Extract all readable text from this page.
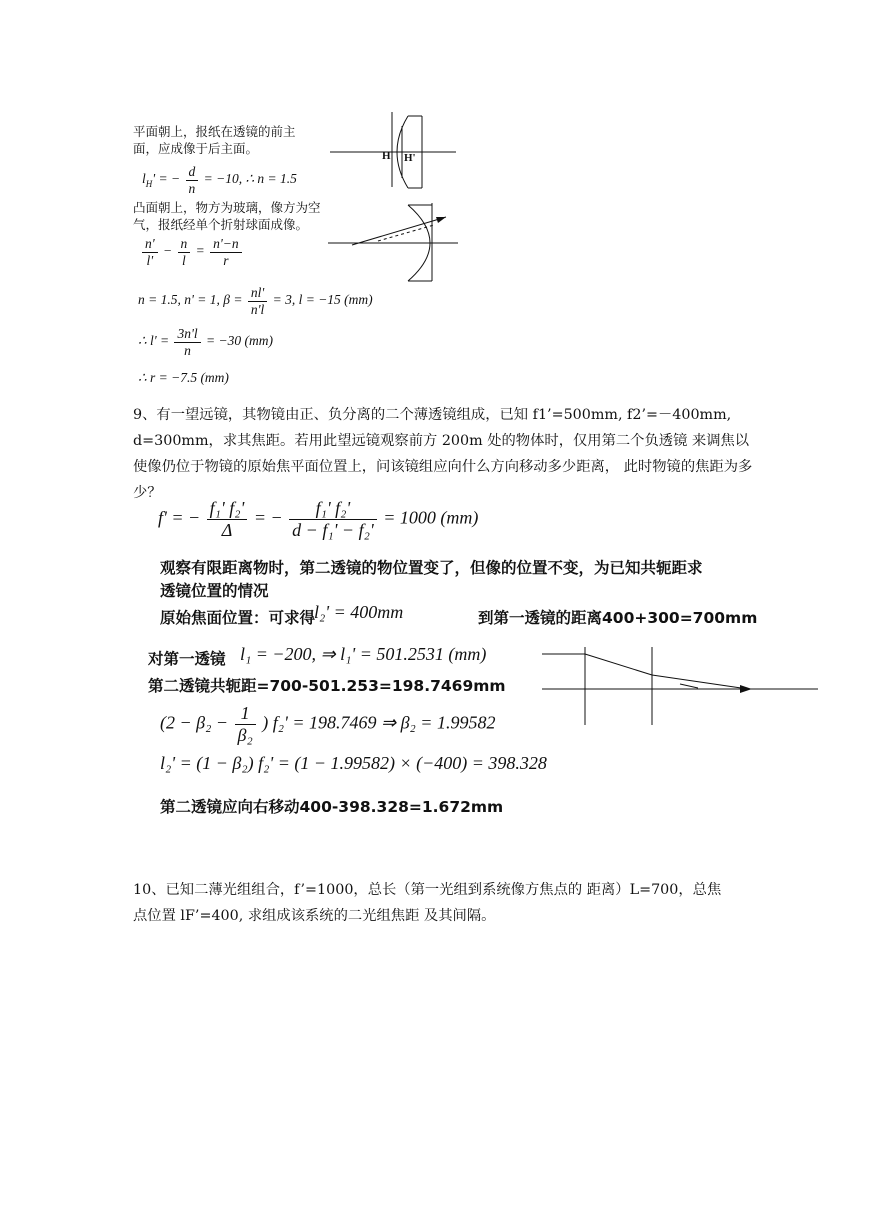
平面朝上，报纸在透镜的前主
面，应成像于后主面。
$l_H'$ = − $\frac{d}{n} = -10$, ∴ n = 1.5
凸面朝上，物方为玻璃，像方为空
气，报纸经单个折射球面成像。
$\frac{n'}{l'} - \frac{n}{l} = \frac{n'-n}{r}$
n = 1.5, n' = 1, $\beta = \frac{nl'}{n'l} = 3$, l = −15 (mm)
∴ $l' = \frac{3n'l}{n} = -30$ (mm)
∴ r = −7.5 (mm)
H H'
9、有一望远镜，其物镜由正、负分离的二个薄透镜组成，已知 f1’=500mm, f2’=－400mm, d=300mm，求其焦距。若用此望远镜观察前方 200m 处的物体时，仅用第二个负透镜 来调焦以使像仍位于物镜的原始焦平面位置上，问该镜组应向什么方向移动多少距离， 此时物镜的焦距为多少？
f' = − $\frac{\text{f₁' f₂'}}{\Delta}$ = − $\frac{\text{f₁' f₂'}}{\text{d − f₁' − f₂'}} = 1000$ (mm)
观察有限距离物时，第二透镜的物位置变了，但像的位置不变，为已知共轭距求
透镜位置的情况
原始焦面位置：可求得
l₂' = 400mm	到第一透镜的距离400+300=700mm
对第一透镜 l₁ = −200, ⇒ l₁' = 501.2531 (mm)
第二透镜共轭距=700-501.253=198.7469mm
($2 - \beta_2 - \frac{1}{\text{β₂}}$ ) f₂' = 198.7469 ⇒ β₂ = 1.99582
l₂' = (1 − β₂) f₂' = (1 − 1.99582) × (−400) = 398.328
第二透镜应向右移动400-398.328=1.672mm
10、已知二薄光组组合，f’=1000，总长（第一光组到系统像方焦点的 距离）L=700，总焦点位置 lF’=400, 求组成该系统的二光组焦距 及其间隔。
